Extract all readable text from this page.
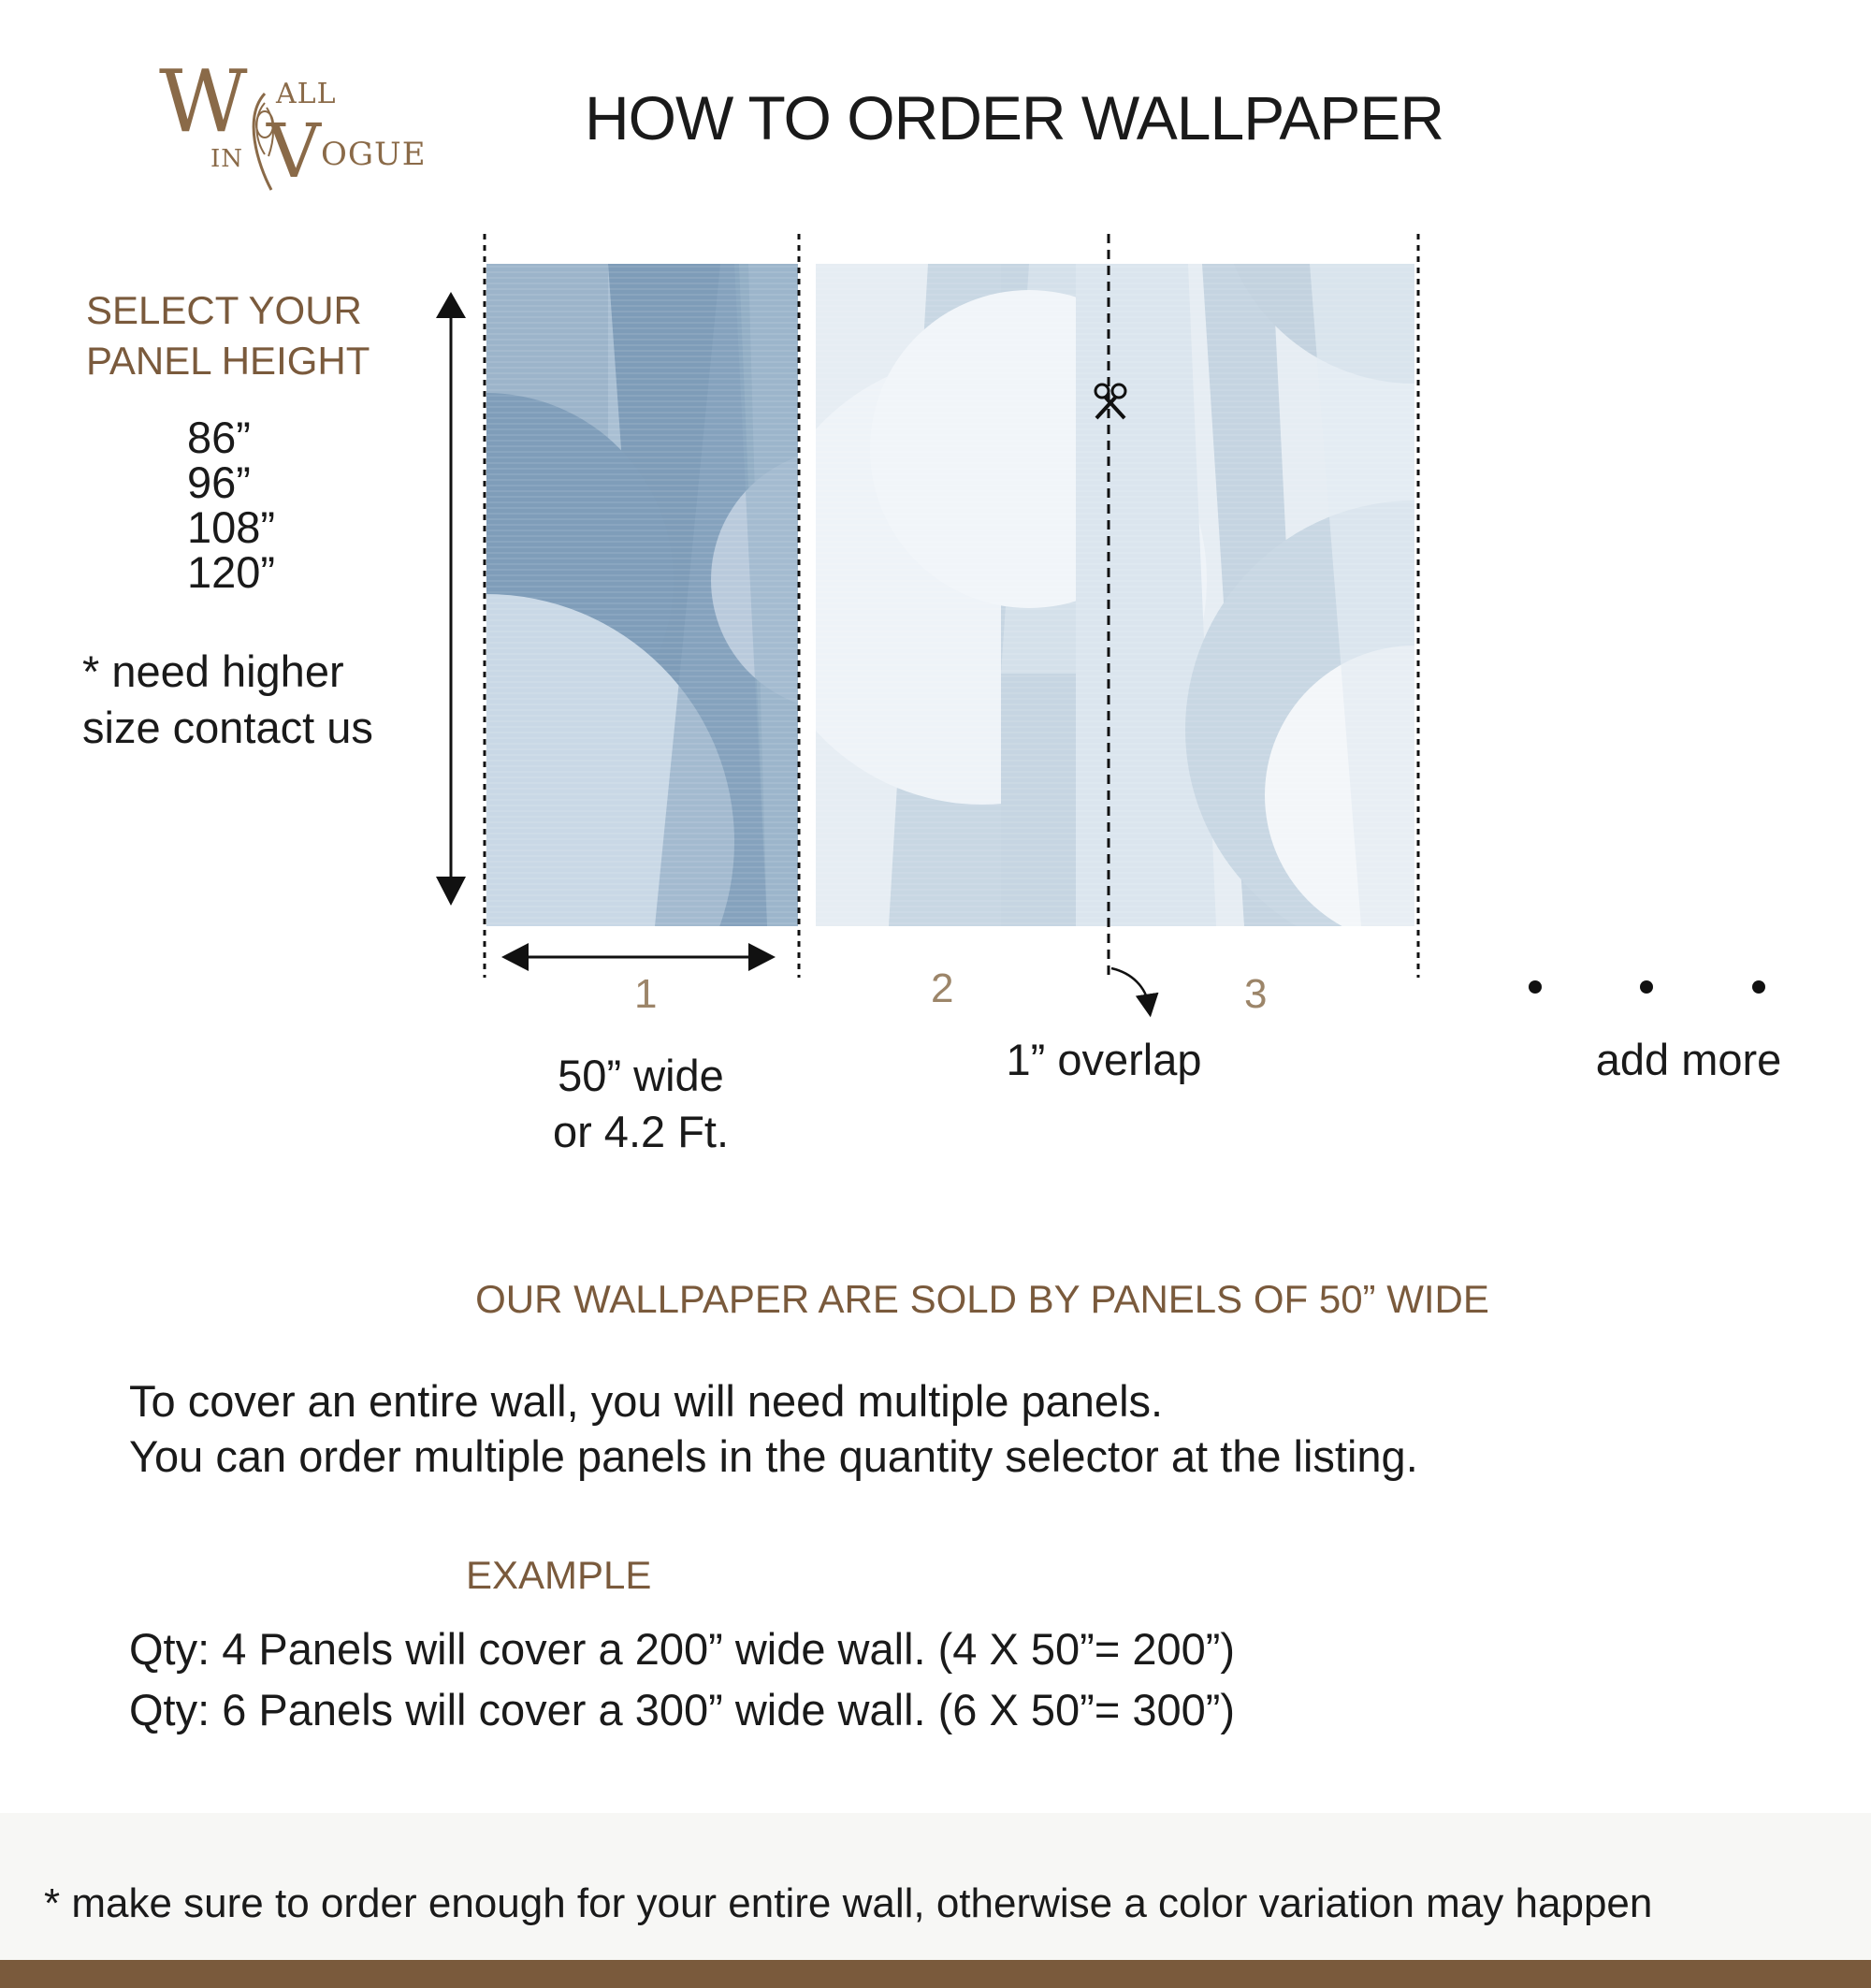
W ALL
IN V OGUE
HOW TO ORDER WALLPAPER
SELECT YOUR
PANEL HEIGHT
86”
96”
108”
120”
* need higher
size contact us
1	2	3
50” wide
or 4.2 Ft.
1” overlap	add more
OUR WALLPAPER ARE SOLD BY PANELS OF 50” WIDE
To cover an entire wall, you will need multiple panels.
You can order multiple panels in the quantity selector at the listing.
EXAMPLE
Qty: 4 Panels will cover a 200” wide wall. (4 X 50”= 200”)
Qty: 6 Panels will cover a 300” wide wall. (6 X 50”= 300”)
* make sure to order enough for your entire wall, otherwise a color variation may happen
